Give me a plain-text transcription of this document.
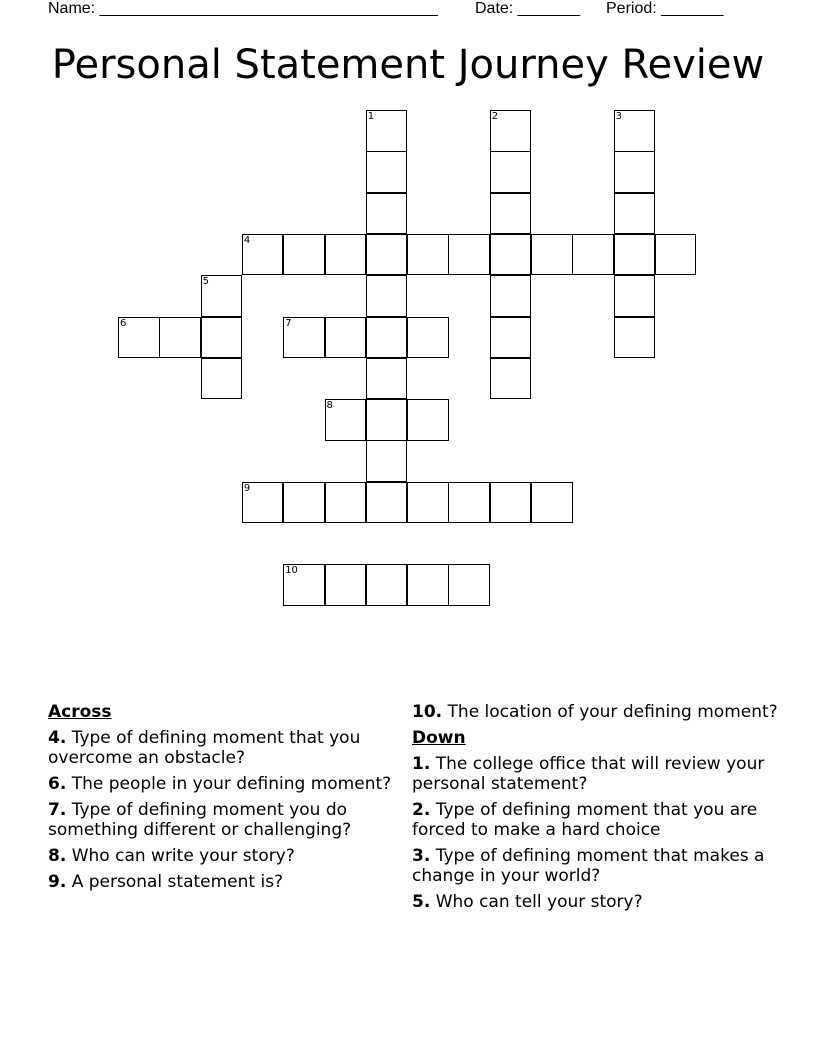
Name: ______________________________________ Date: _______ Period: _______
Personal Statement Journey Review
1	2	3
4
5
6	7
8
9
10
Across
4. Type of defining moment that you overcome an obstacle?
6. The people in your defining moment?
7. Type of defining moment you do something different or challenging?
8. Who can write your story?
9. A personal statement is?
10. The location of your defining moment?
Down
1. The college office that will review your personal statement?
2. Type of defining moment that you are forced to make a hard choice
3. Type of defining moment that makes a change in your world?
5. Who can tell your story?
